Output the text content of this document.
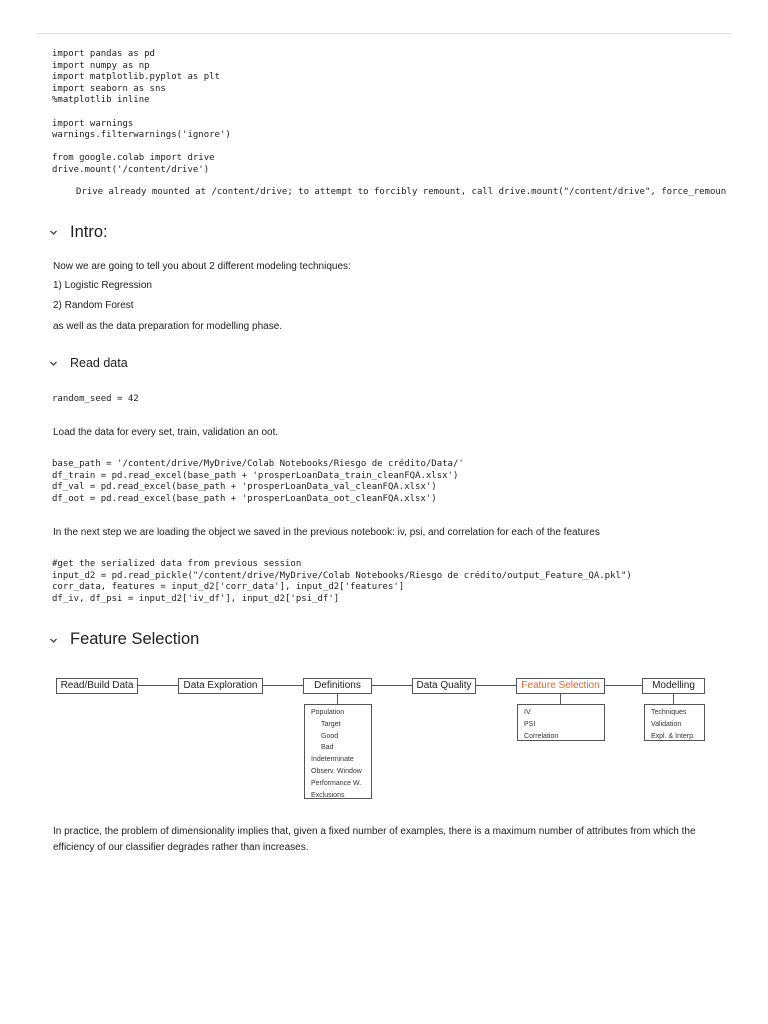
import pandas as pd
import numpy as np
import matplotlib.pyplot as plt
import seaborn as sns
%matplotlib inline

import warnings
warnings.filterwarnings('ignore')

from google.colab import drive
drive.mount('/content/drive')
Drive already mounted at /content/drive; to attempt to forcibly remount, call drive.mount("/content/drive", force_remoun
Intro:
Now we are going to tell you about 2 different modeling techniques:
1) Logistic Regression
2) Random Forest
as well as the data preparation for modelling phase.
Read data
random_seed = 42
Load the data for every set, train, validation an oot.
base_path = '/content/drive/MyDrive/Colab Notebooks/Riesgo de crédito/Data/'
df_train = pd.read_excel(base_path + 'prosperLoanData_train_cleanFQA.xlsx')
df_val = pd.read_excel(base_path + 'prosperLoanData_val_cleanFQA.xlsx')
df_oot = pd.read_excel(base_path + 'prosperLoanData_oot_cleanFQA.xlsx')
In the next step we are loading the object we saved in the previous notebook: iv, psi, and correlation for each of the features
#get the serialized data from previous session
input_d2 = pd.read_pickle("/content/drive/MyDrive/Colab Notebooks/Riesgo de crédito/output_Feature_QA.pkl")
corr_data, features = input_d2['corr_data'], input_d2['features']
df_iv, df_psi = input_d2['iv_df'], input_d2['psi_df']
Feature Selection
Read/Build Data	Data Exploration	Definitions	Data Quality	Feature Selection	Modelling
Population
Target
Good
Bad
Indeterminate
Observ. Window
Performance W.
Exclusions
IV
PSI
Correlation
Techniques
Validation
Expl. & Interp.
In practice, the problem of dimensionality implies that, given a fixed number of examples, there is a maximum number of attributes from which the efficiency of our classifier degrades rather than increases.
